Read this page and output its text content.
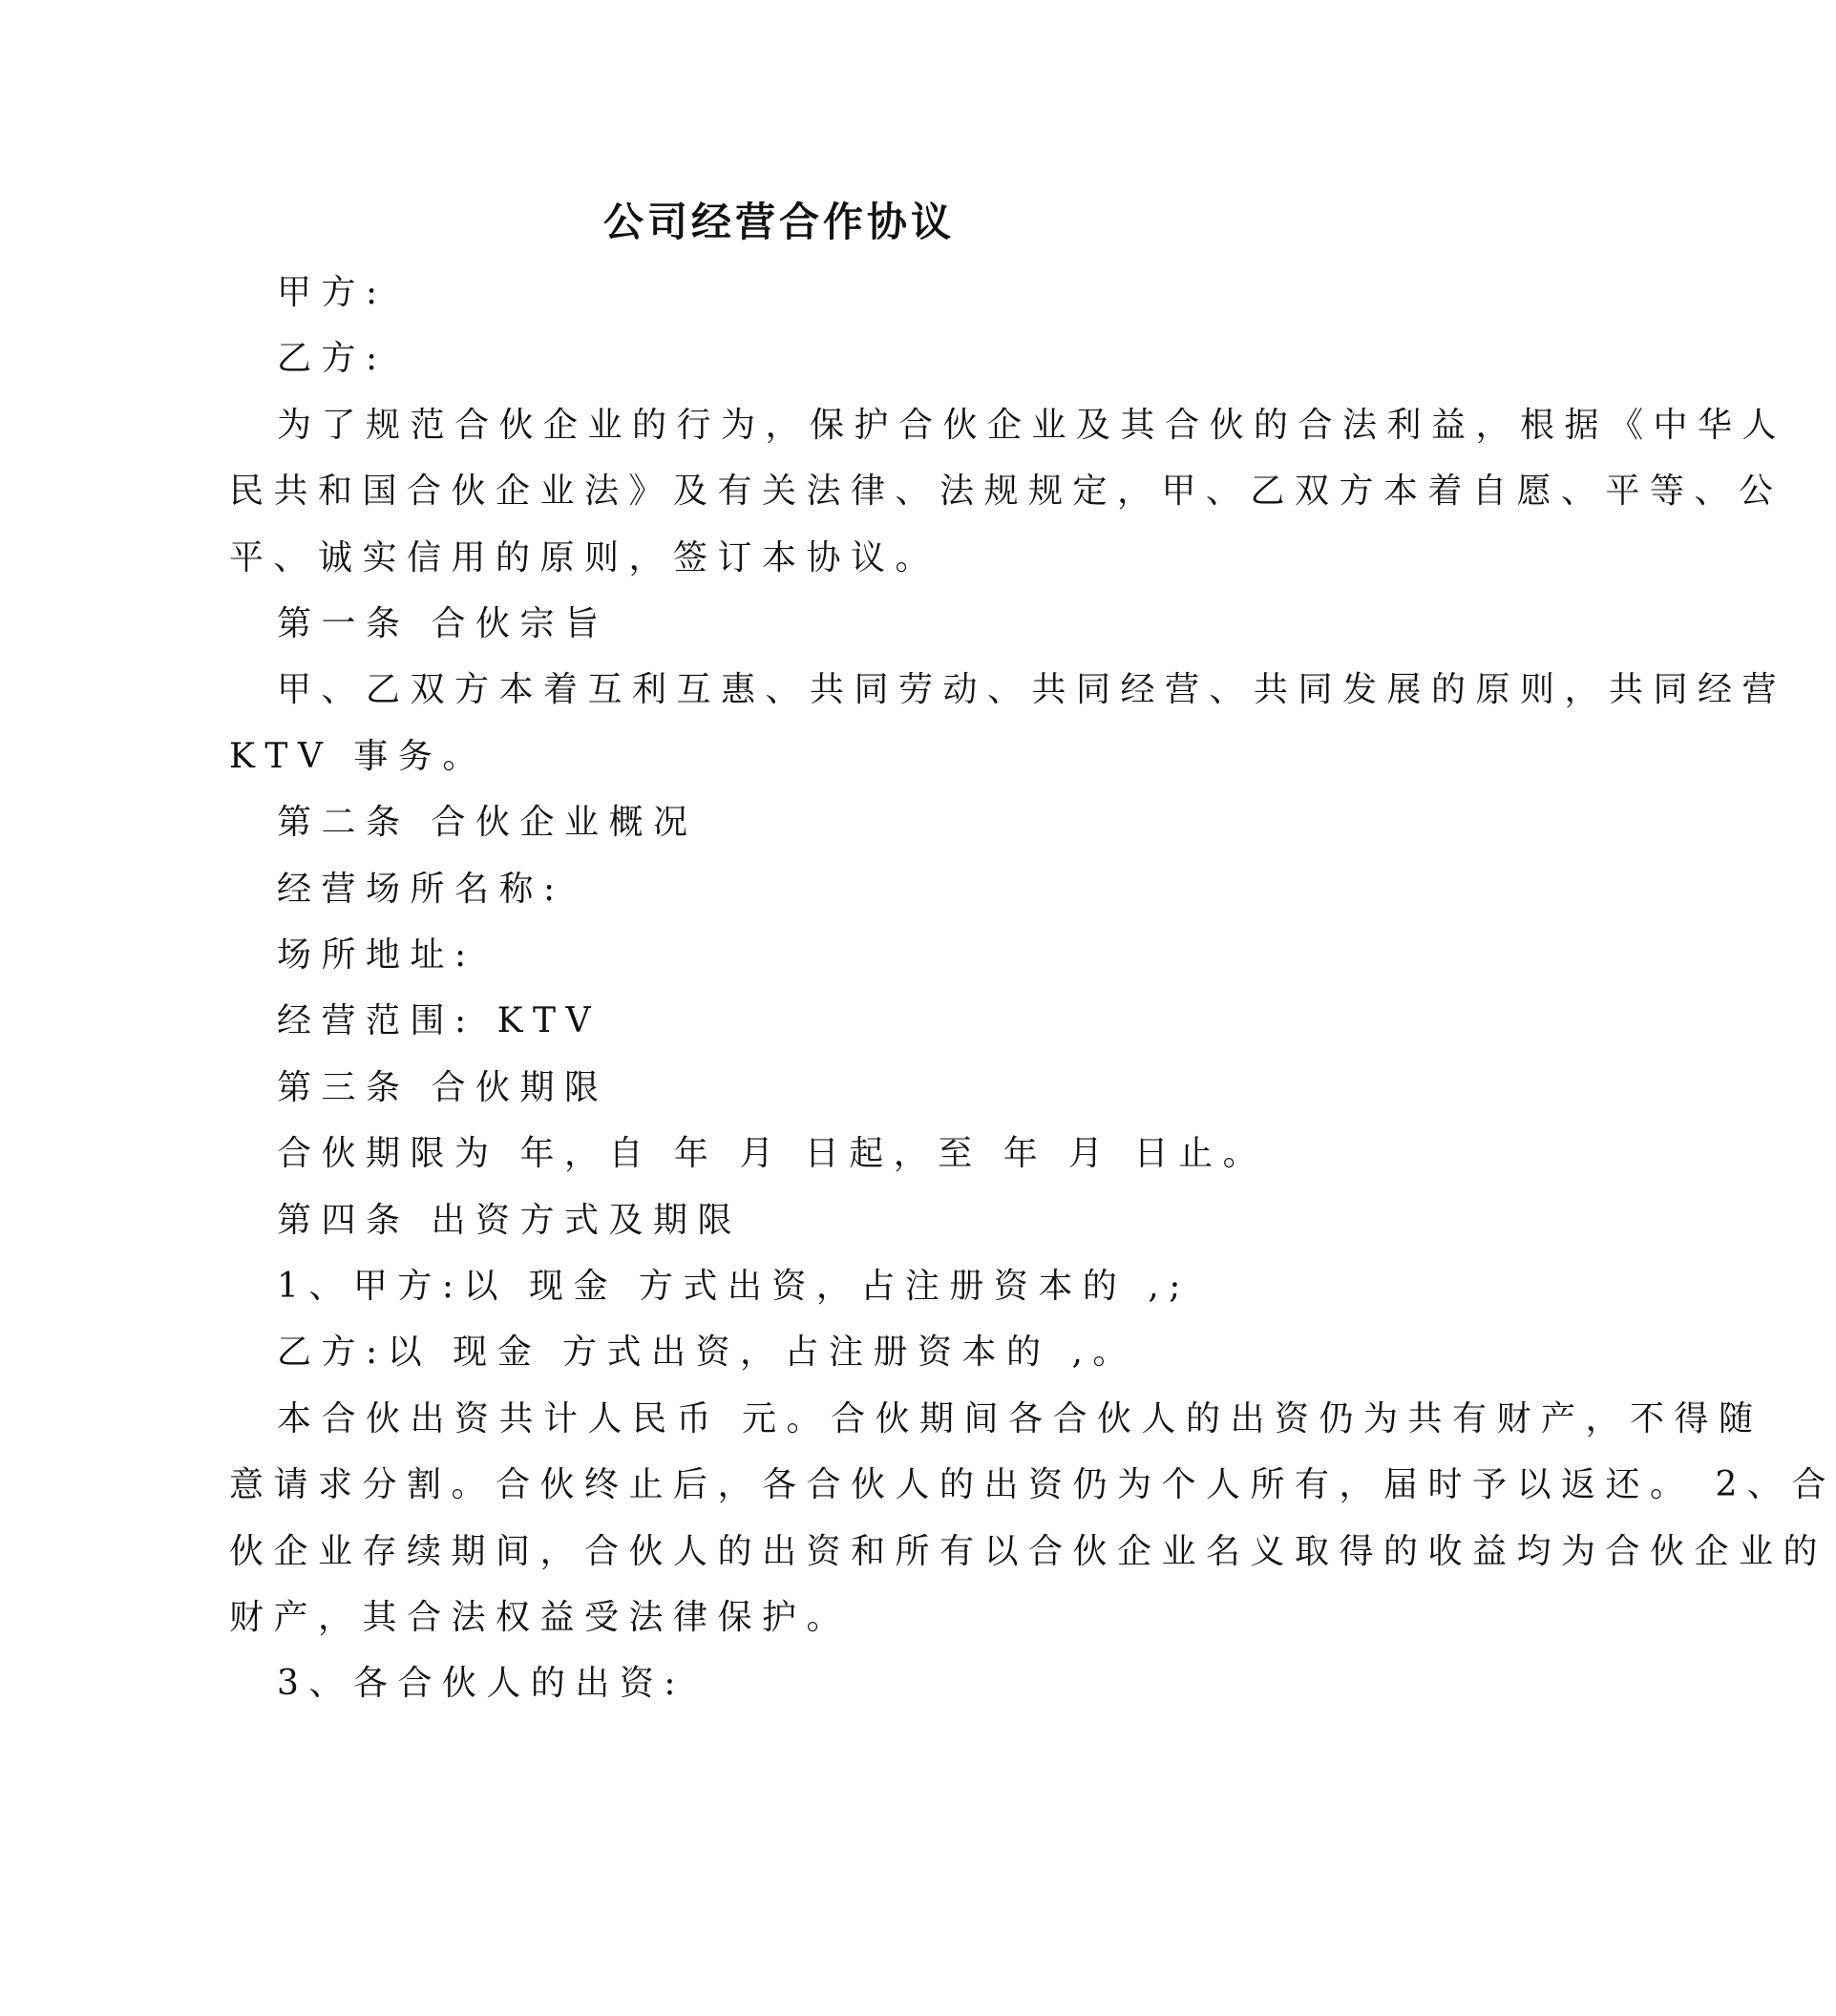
公司经营合作协议
甲方:
乙方:
为了规范合伙企业的行为，保护合伙企业及其合伙的合法利益，根据《中华人
民共和国合伙企业法》及有关法律、法规规定，甲、乙双方本着自愿、平等、公
平、诚实信用的原则，签订本协议。
第一条 合伙宗旨
甲、乙双方本着互利互惠、共同劳动、共同经营、共同发展的原则，共同经营
KTV 事务。
第二条 合伙企业概况
经营场所名称:
场所地址:
经营范围: KTV
第三条 合伙期限
合伙期限为 年，自 年 月 日起，至 年 月 日止。
第四条 出资方式及期限
1、甲方:以 现金 方式出资，占注册资本的 ,;
乙方:以 现金 方式出资，占注册资本的 ,。
本合伙出资共计人民币 元。合伙期间各合伙人的出资仍为共有财产，不得随
意请求分割。合伙终止后，各合伙人的出资仍为个人所有，届时予以返还。 2、合
伙企业存续期间，合伙人的出资和所有以合伙企业名义取得的收益均为合伙企业的
财产，其合法权益受法律保护。
3、各合伙人的出资:
